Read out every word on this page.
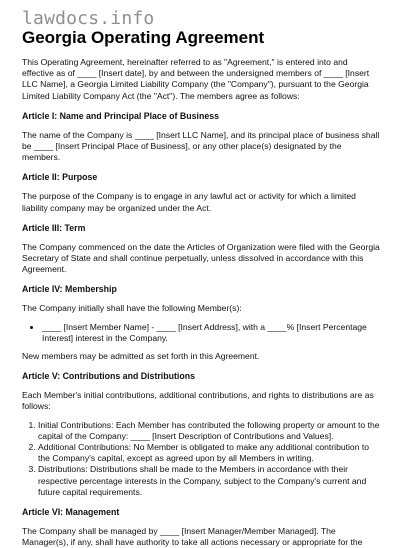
lawdocs.info
Georgia Operating Agreement

This Operating Agreement, hereinafter referred to as "Agreement," is entered into and effective as of ____ [Insert date], by and between the undersigned members of ____ [Insert LLC Name], a Georgia Limited Liability Company (the "Company"), pursuant to the Georgia Limited Liability Company Act (the "Act"). The members agree as follows:

Article I: Name and Principal Place of Business

The name of the Company is ____ [Insert LLC Name], and its principal place of business shall be ____ [Insert Principal Place of Business], or any other place(s) designated by the members.

Article II: Purpose

The purpose of the Company is to engage in any lawful act or activity for which a limited liability company may be organized under the Act.

Article III: Term

The Company commenced on the date the Articles of Organization were filed with the Georgia Secretary of State and shall continue perpetually, unless dissolved in accordance with this Agreement.

Article IV: Membership

The Company initially shall have the following Member(s):

• ____ [Insert Member Name] - ____ [Insert Address], with a ____% [Insert Percentage Interest] interest in the Company.

New members may be admitted as set forth in this Agreement.

Article V: Contributions and Distributions

Each Member's initial contributions, additional contributions, and rights to distributions are as follows:

1. Initial Contributions: Each Member has contributed the following property or amount to the capital of the Company: ____ [Insert Description of Contributions and Values].
2. Additional Contributions: No Member is obligated to make any additional contribution to the Company's capital, except as agreed upon by all Members in writing.
3. Distributions: Distributions shall be made to the Members in accordance with their respective percentage interests in the Company, subject to the Company's current and future capital requirements.
Article VI: Management

The Company shall be managed by ____ [Insert Manager/Member Managed]. The Manager(s), if any, shall have authority to take all actions necessary or appropriate for the
